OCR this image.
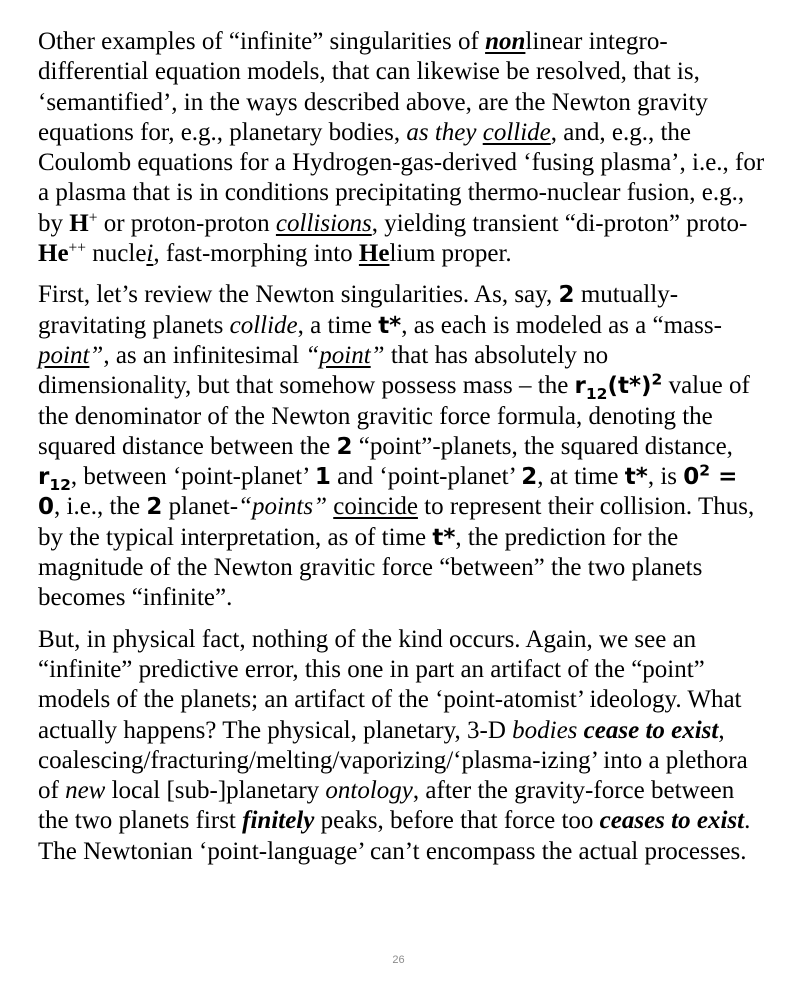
Other examples of “infinite” singularities of nonlinear integro-differential equation models, that can likewise be resolved, that is, ‘semantified’, in the ways described above, are the Newton gravity equations for, e.g., planetary bodies, as they collide, and, e.g., the Coulomb equations for a Hydrogen-gas-derived ‘fusing plasma’, i.e., for a plasma that is in conditions precipitating thermo-nuclear fusion, e.g., by H+ or proton-proton collisions, yielding transient “di-proton” proto-He++ nuclei, fast-morphing into Helium proper.

First, let’s review the Newton singularities. As, say, 2 mutually-gravitating planets collide, a time t*, as each is modeled as a “mass-point”, as an infinitesimal “point” that has absolutely no dimensionality, but that somehow possess mass – the $r_{12}(t*)^2$ value of the denominator of the Newton gravitic force formula, denoting the squared distance between the 2 “point”-planets, the squared distance, $r_{12}$, between ‘point-planet’ 1 and ‘point-planet’ 2, at time t*, is $0^2 = 0$, i.e., the 2 planet-“points” coincide to represent their collision. Thus, by the typical interpretation, as of time t*, the prediction for the magnitude of the Newton gravitic force “between” the two planets becomes “infinite”.

But, in physical fact, nothing of the kind occurs. Again, we see an “infinite” predictive error, this one in part an artifact of the “point” models of the planets; an artifact of the ‘point-atomist’ ideology. What actually happens? The physical, planetary, 3-D bodies cease to exist, coalescing/fracturing/melting/vaporizing/‘plasma-izing’ into a plethora of new local [sub-]planetary ontology, after the gravity-force between the two planets first finitely peaks, before that force too ceases to exist. The Newtonian ‘point-language’ can’t encompass the actual processes.

26
